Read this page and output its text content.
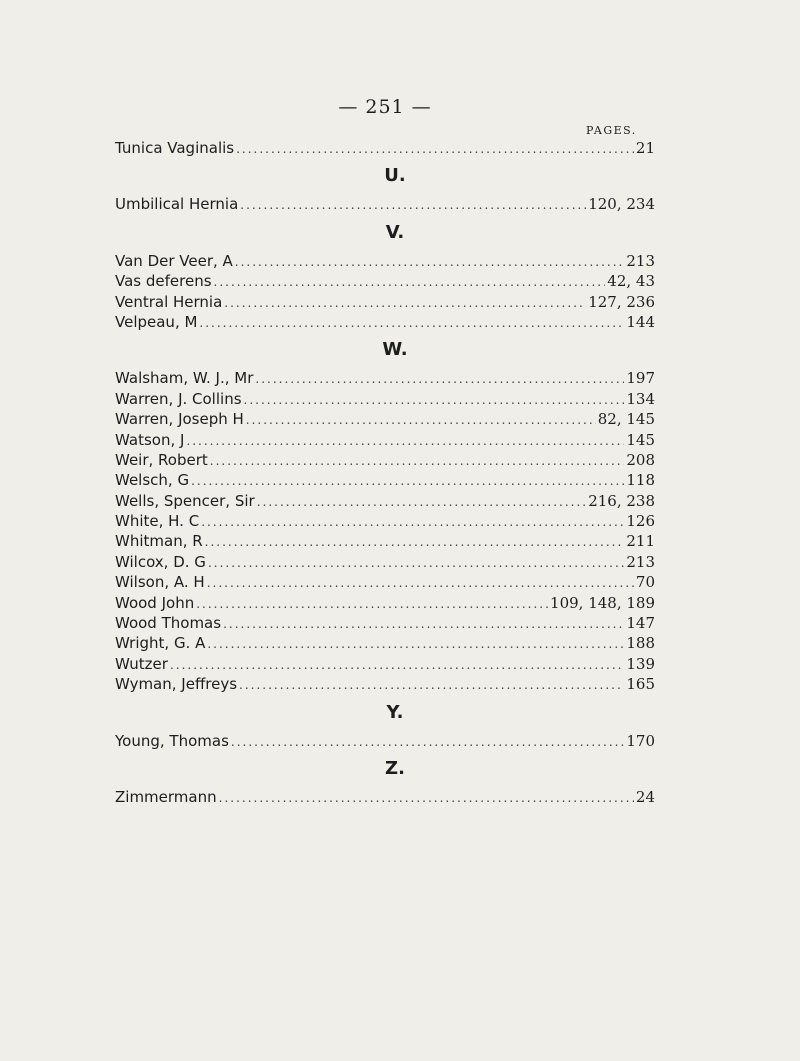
— 251 —
PAGES.
Tunica Vaginalis .....	21
U.
Umbilical Hernia .....	120, 234
V.
Van Der Veer, A .....	213
Vas deferens .....	42, 43
Ventral Hernia .....	127, 236
Velpeau, M .....	144
W.
Walsham, W. J., Mr .....	197
Warren, J. Collins .....	134
Warren, Joseph H .....	82, 145
Watson, J .....	145
Weir, Robert .....	208
Welsch, G .....	118
Wells, Spencer, Sir .....	216, 238
White, H. C .....	126
Whitman, R .....	211
Wilcox, D. G .....	213
Wilson, A. H .....	70
Wood John .....	109, 148, 189
Wood Thomas .....	147
Wright, G. A .....	188
Wutzer .....	139
Wyman, Jeffreys .....	165
Y.
Young, Thomas .....	170
Z.
Zimmermann .....	24
